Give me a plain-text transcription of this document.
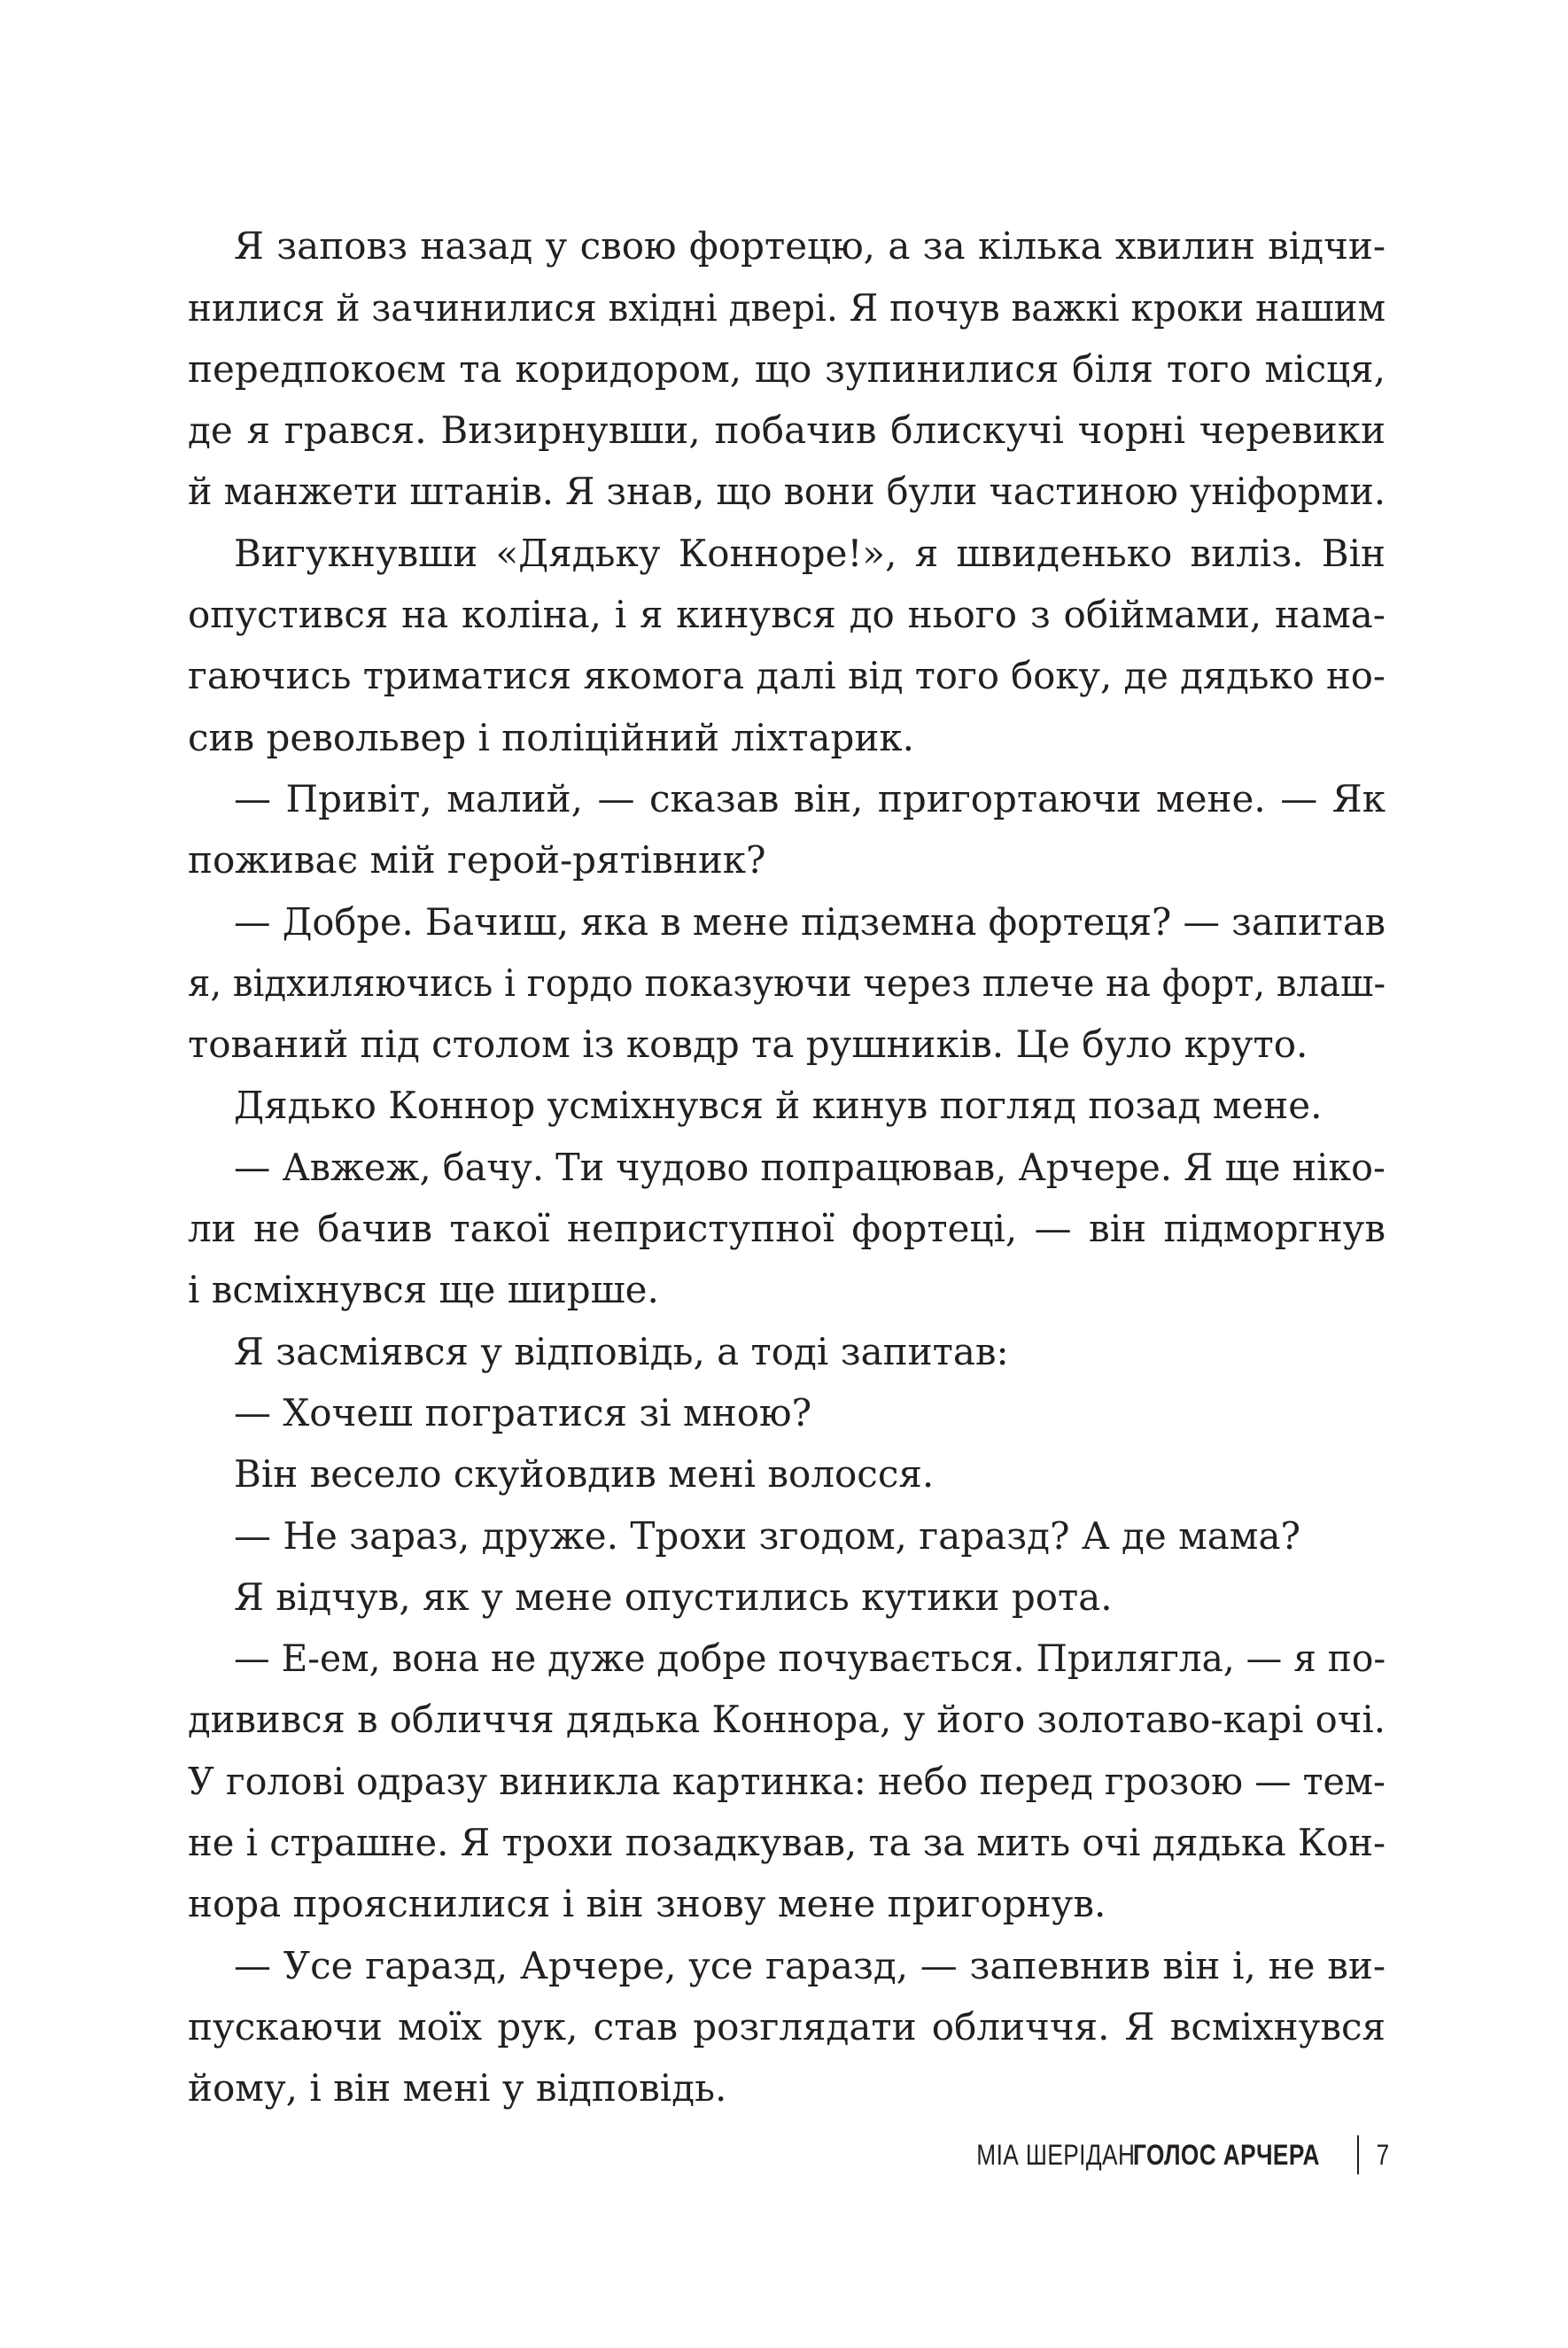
Я заповз назад у свою фортецю, а за кілька хвилин відчи-
нилися й зачинилися вхідні двері. Я почув важкі кроки нашим
передпокоєм та коридором, що зупинилися біля того місця,
де я грався. Визирнувши, побачив блискучі чорні черевики
й манжети штанів. Я знав, що вони були частиною уніформи.
Вигукнувши «Дядьку Конноре!», я швиденько виліз. Він
опустився на коліна, і я кинувся до нього з обіймами, нама-
гаючись триматися якомога далі від того боку, де дядько но-
сив револьвер і поліційний ліхтарик.
— Привіт, малий, — сказав він, пригортаючи мене. — Як
поживає мій герой-рятівник?
— Добре. Бачиш, яка в мене підземна фортеця? — запитав
я, відхиляючись і гордо показуючи через плече на форт, влаш-
тований під столом із ковдр та рушників. Це було круто.
Дядько Коннор усміхнувся й кинув погляд позад мене.
— Авжеж, бачу. Ти чудово попрацював, Арчере. Я ще ніко-
ли не бачив такої неприступної фортеці, — він підморгнув
і всміхнувся ще ширше.
Я засміявся у відповідь, а тоді запитав:
— Хочеш погратися зі мною?
Він весело скуйовдив мені волосся.
— Не зараз, друже. Трохи згодом, гаразд? А де мама?
Я відчув, як у мене опустились кутики рота.
— Е-ем, вона не дуже добре почувається. Прилягла, — я по-
дивився в обличчя дядька Коннора, у його золотаво-карі очі.
У голові одразу виникла картинка: небо перед грозою — тем-
не і страшне. Я трохи позадкував, та за мить очі дядька Кон-
нора прояснилися і він знову мене пригорнув.
— Усе гаразд, Арчере, усе гаразд, — запевнив він і, не ви-
пускаючи моїх рук, став розглядати обличчя. Я всміхнувся
йому, і він мені у відповідь.
МІА ШЕРІДАН
ГОЛОС АРЧЕРА 7
